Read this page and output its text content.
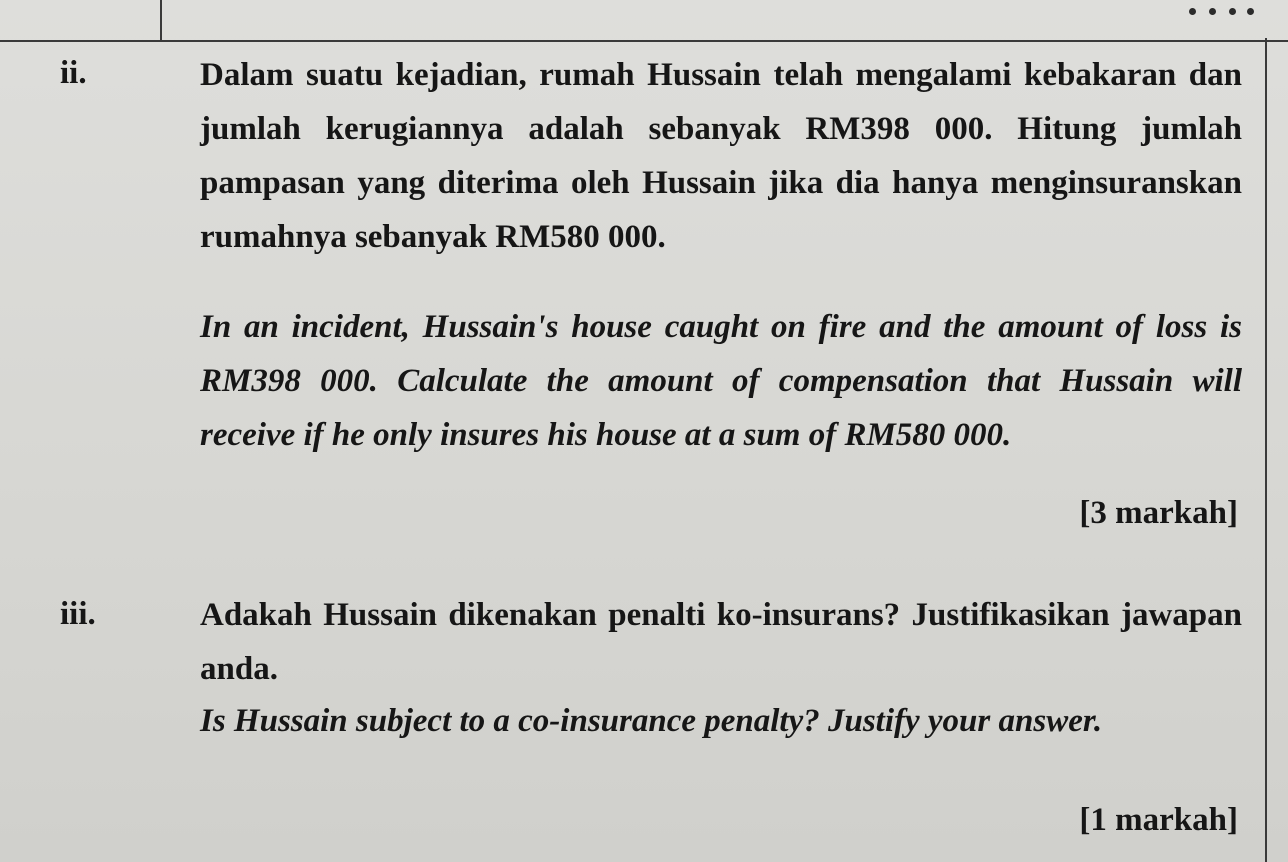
ii.	Dalam suatu kejadian, rumah Hussain telah mengalami kebakaran dan jumlah kerugiannya adalah sebanyak RM398 000. Hitung jumlah pampasan yang diterima oleh Hussain jika dia hanya menginsuranskan rumahnya sebanyak RM580 000.
In an incident, Hussain's house caught on fire and the amount of loss is RM398 000. Calculate the amount of compensation that Hussain will receive if he only insures his house at a sum of RM580 000.
[3 markah]
iii.	Adakah Hussain dikenakan penalti ko-insurans? Justifikasikan jawapan anda.
Is Hussain subject to a co-insurance penalty? Justify your answer.
[1 markah]
